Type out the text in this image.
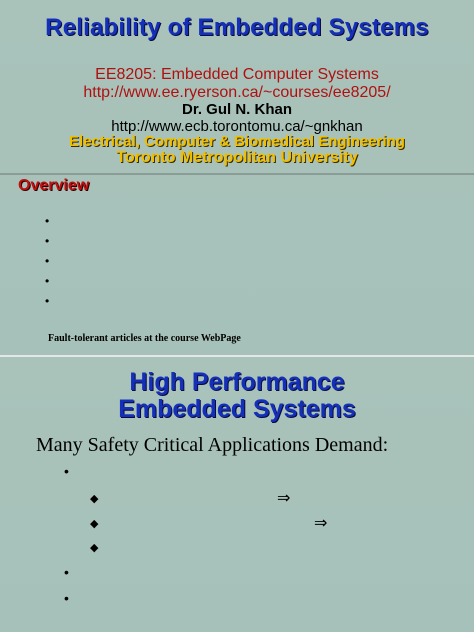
Reliability of Embedded Systems
EE8205: Embedded Computer Systems
http://www.ee.ryerson.ca/~courses/ee8205/
Dr. Gul N. Khan
http://www.ecb.torontomu.ca/~gnkhan
Electrical, Computer & Biomedical Engineering
Toronto Metropolitan University
Overview
•
•
•
•
•
Fault-tolerant articles at the course WebPage
High Performance
Embedded Systems
Many Safety Critical Applications Demand:
•
◆	⇒
◆	⇒
◆
•
•
